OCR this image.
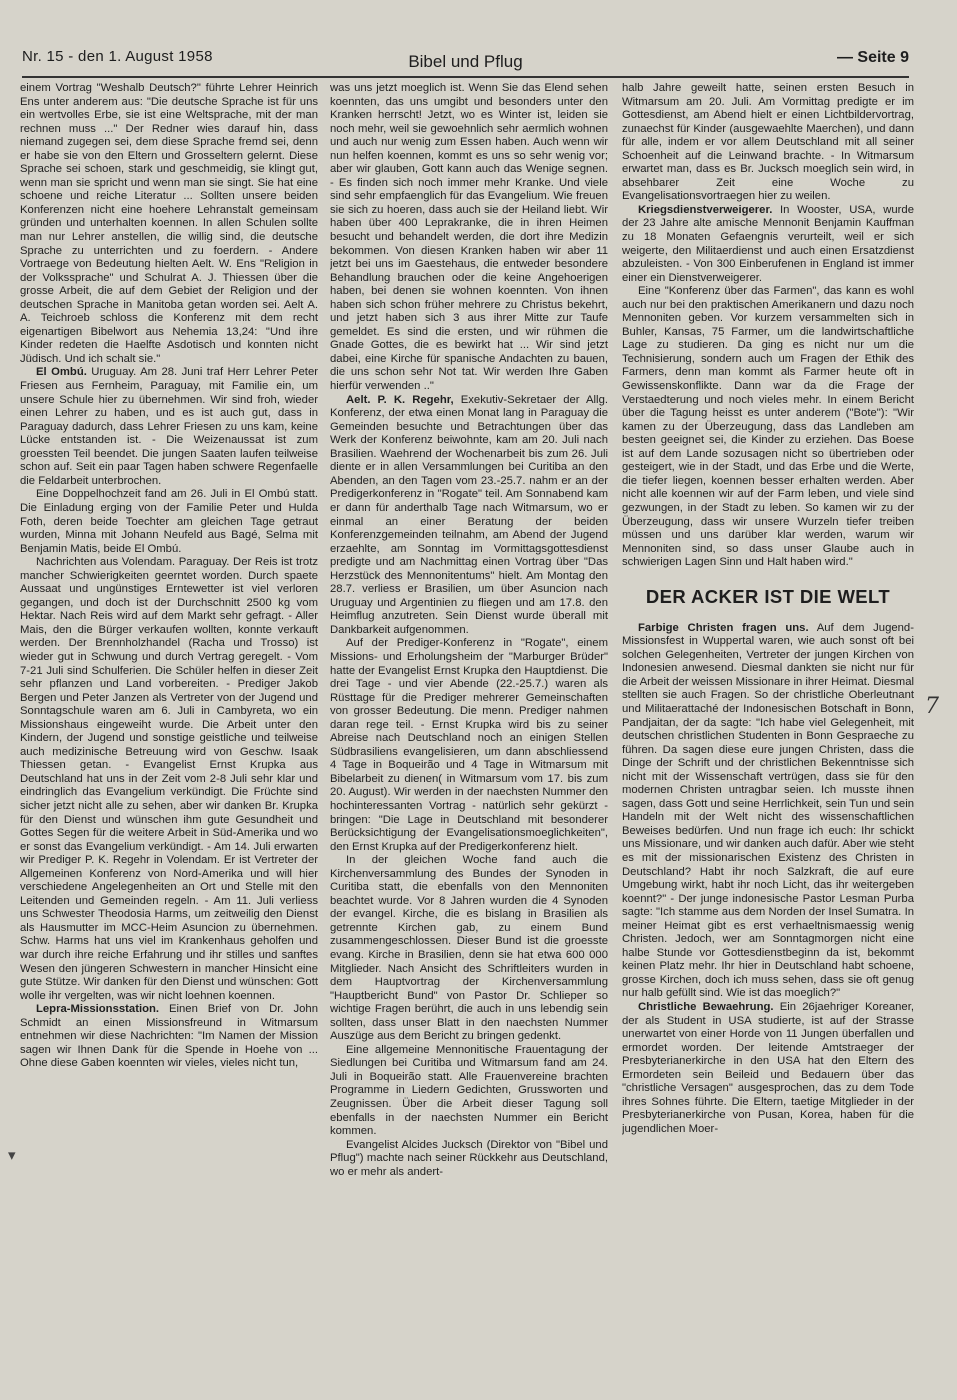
Nr. 15 - den 1. August 1958	Bibel und Pflug	— Seite 9

einem Vortrag "Weshalb Deutsch?" führte Lehrer Heinrich Ens unter anderem aus: "Die deutsche Sprache ist für uns ein wertvolles Erbe, sie ist eine Weltsprache, mit der man rechnen muss ..." Der Redner wies darauf hin, dass niemand zugegen sei, dem diese Sprache fremd sei, denn er habe sie von den Eltern und Grosseltern gelernt. Diese Sprache sei schoen, stark und geschmeidig, sie klingt gut, wenn man sie spricht und wenn man sie singt. Sie hat eine schoene und reiche Literatur ... Sollten unsere beiden Konferenzen nicht eine hoehere Lehranstalt gemeinsam gründen und unterhalten koennen. In allen Schulen sollte man nur Lehrer anstellen, die willig sind, die deutsche Sprache zu unterrichten und zu foerdern. - Andere Vortraege von Bedeutung hielten Aelt. W. Ens "Religion in der Volkssprache" und Schulrat A. J. Thiessen über die grosse Arbeit, die auf dem Gebiet der Religion und der deutschen Sprache in Manitoba getan worden sei. Aelt A. A. Teichroeb schloss die Konferenz mit dem recht eigenartigen Bibelwort aus Nehemia 13,24: "Und ihre Kinder redeten die Haelfte Asdotisch und konnten nicht Jüdisch. Und ich schalt sie."

El Ombú. Uruguay. Am 28. Juni traf Herr Lehrer Peter Friesen aus Fernheim, Paraguay, mit Familie ein, um unsere Schule hier zu übernehmen. Wir sind froh, wieder einen Lehrer zu haben, und es ist auch gut, dass in Paraguay dadurch, dass Lehrer Friesen zu uns kam, keine Lücke entstanden ist. - Die Weizenaussat ist zum groessten Teil beendet. Die jungen Saaten laufen teilweise schon auf. Seit ein paar Tagen haben schwere Regenfaelle die Feldarbeit unterbrochen.

Eine Doppelhochzeit fand am 26. Juli in El Ombú statt. Die Einladung erging von der Familie Peter und Hulda Foth, deren beide Toechter am gleichen Tage getraut wurden, Minna mit Johann Neufeld aus Bagé, Selma mit Benjamin Matis, beide El Ombú.

Nachrichten aus Volendam. Paraguay. Der Reis ist trotz mancher Schwierigkeiten geerntet worden. Durch spaete Aussaat und ungünstiges Erntewetter ist viel verloren gegangen, und doch ist der Durchschnitt 2500 kg vom Hektar. Nach Reis wird auf dem Markt sehr gefragt. - Aller Mais, den die Bürger verkaufen wollten, konnte verkauft werden. Der Brennholzhandel (Racha und Trosso) ist wieder gut in Schwung und durch Vertrag geregelt. - Vom 7-21 Juli sind Schulferien. Die Schüler helfen in dieser Zeit sehr pflanzen und Land vorbereiten. - Prediger Jakob Bergen und Peter Janzen als Vertreter von der Jugend und Sonntagschule waren am 6. Juli in Cambyreta, wo ein Missionshaus eingeweiht wurde. Die Arbeit unter den Kindern, der Jugend und sonstige geistliche und teilweise auch medizinische Betreuung wird von Geschw. Isaak Thiessen getan. - Evangelist Ernst Krupka aus Deutschland hat uns in der Zeit vom 2-8 Juli sehr klar und eindringlich das Evangelium verkündigt. Die Früchte sind sicher jetzt nicht alle zu sehen, aber wir danken Br. Krupka für den Dienst und wünschen ihm gute Gesundheit und Gottes Segen für die weitere Arbeit in Süd-Amerika und wo er sonst das Evangelium verkündigt. - Am 14. Juli erwarten wir Prediger P. K. Regehr in Volendam. Er ist Vertreter der Allgemeinen Konferenz von Nord-Amerika und will hier verschiedene Angelegenheiten an Ort und Stelle mit den Leitenden und Gemeinden regeln. - Am 11. Juli verliess uns Schwester Theodosia Harms, um zeitweilig den Dienst als Hausmutter im MCC-Heim Asuncion zu übernehmen. Schw. Harms hat uns viel im Krankenhaus geholfen und war durch ihre reiche Erfahrung und ihr stilles und sanftes Wesen den jüngeren Schwestern in mancher Hinsicht eine gute Stütze. Wir danken für den Dienst und wünschen: Gott wolle ihr vergelten, was wir nicht loehnen koennen.

Lepra-Missionsstation. Einen Brief von Dr. John Schmidt an einen Missionsfreund in Witmarsum entnehmen wir diese Nachrichten: "Im Namen der Mission sagen wir Ihnen Dank für die Spende in Hoehe von ... Ohne diese Gaben koennten wir vieles, vieles nicht tun,

was uns jetzt moeglich ist. Wenn Sie das Elend sehen koennten, das uns umgibt und besonders unter den Kranken herrscht! Jetzt, wo es Winter ist, leiden sie noch mehr, weil sie gewoehnlich sehr aermlich wohnen und auch nur wenig zum Essen haben. Auch wenn wir nun helfen koennen, kommt es uns so sehr wenig vor; aber wir glauben, Gott kann auch das Wenige segnen. - Es finden sich noch immer mehr Kranke. Und viele sind sehr empfaenglich für das Evangelium. Wie freuen sie sich zu hoeren, dass auch sie der Heiland liebt. Wir haben über 400 Leprakranke, die in ihren Heimen besucht und behandelt werden, die dort ihre Medizin bekommen. Von diesen Kranken haben wir aber 11 jetzt bei uns im Gaestehaus, die entweder besondere Behandlung brauchen oder die keine Angehoerigen haben, bei denen sie wohnen koennten. Von ihnen haben sich schon früher mehrere zu Christus bekehrt, und jetzt haben sich 3 aus ihrer Mitte zur Taufe gemeldet. Es sind die ersten, und wir rühmen die Gnade Gottes, die es bewirkt hat ... Wir sind jetzt dabei, eine Kirche für spanische Andachten zu bauen, die uns schon sehr Not tat. Wir werden Ihre Gaben hierfür verwenden .."

Aelt. P. K. Regehr, Exekutiv-Sekretaer der Allg. Konferenz, der etwa einen Monat lang in Paraguay die Gemeinden besuchte und Betrachtungen über das Werk der Konferenz beiwohnte, kam am 20. Juli nach Brasilien. Waehrend der Wochenarbeit bis zum 26. Juli diente er in allen Versammlungen bei Curitiba an den Abenden, an den Tagen vom 23.-25.7. nahm er an der Predigerkonferenz in "Rogate" teil. Am Sonnabend kam er dann für anderthalb Tage nach Witmarsum, wo er einmal an einer Beratung der beiden Konferenzgemeinden teilnahm, am Abend der Jugend erzaehlte, am Sonntag im Vormittagsgottesdienst predigte und am Nachmittag einen Vortrag über "Das Herzstück des Mennonitentums" hielt. Am Montag den 28.7. verliess er Brasilien, um über Asuncion nach Uruguay und Argentinien zu fliegen und am 17.8. den Heimflug anzutreten. Sein Dienst wurde überall mit Dankbarkeit aufgenommen.

Auf der Prediger-Konferenz in "Rogate", einem Missions- und Erholungsheim der "Marburger Brüder" hatte der Evangelist Ernst Krupka den Hauptdienst. Die drei Tage - und vier Abende (22.-25.7.) waren als Rüsttage für die Prediger mehrerer Gemeinschaften von grosser Bedeutung. Die menn. Prediger nahmen daran rege teil. - Ernst Krupka wird bis zu seiner Abreise nach Deutschland noch an einigen Stellen Südbrasiliens evangelisieren, um dann abschliessend 4 Tage in Boqueirão und 4 Tage in Witmarsum mit Bibelarbeit zu dienen( in Witmarsum vom 17. bis zum 20. August). Wir werden in der naechsten Nummer den hochinteressanten Vortrag - natürlich sehr gekürzt - bringen: "Die Lage in Deutschland mit besonderer Berücksichtigung der Evangelisationsmoeglichkeiten", den Ernst Krupka auf der Predigerkonferenz hielt.

In der gleichen Woche fand auch die Kirchenversammlung des Bundes der Synoden in Curitiba statt, die ebenfalls von den Mennoniten beachtet wurde. Vor 8 Jahren wurden die 4 Synoden der evangel. Kirche, die es bislang in Brasilien als getrennte Kirchen gab, zu einem Bund zusammengeschlossen. Dieser Bund ist die groesste evang. Kirche in Brasilien, denn sie hat etwa 600 000 Mitglieder. Nach Ansicht des Schriftleiters wurden in dem Hauptvortrag der Kirchenversammlung "Hauptbericht Bund" von Pastor Dr. Schlieper so wichtige Fragen berührt, die auch in uns lebendig sein sollten, dass unser Blatt in den naechsten Nummer Auszüge aus dem Bericht zu bringen gedenkt.

Eine allgemeine Mennonitische Frauentagung der Siedlungen bei Curitiba und Witmarsum fand am 24. Juli in Boqueirão statt. Alle Frauenvereine brachten Programme in Liedern Gedichten, Grusswortеn und Zeugnissen. Über die Arbeit dieser Tagung soll ebenfalls in der naechsten Nummer ein Bericht kommen.

Evangelist Alcides Jucksch (Direktor von "Bibel und Pflug") machte nach seiner Rückkehr aus Deutschland, wo er mehr als andert-

halb Jahre geweilt hatte, seinen ersten Besuch in Witmarsum am 20. Juli. Am Vormittag predigte er im Gottesdienst, am Abend hielt er einen Lichtbildervortrag, zunaechst für Kinder (ausgewaehlte Maerchen), und dann für alle, indem er vor allem Deutschland mit all seiner Schoenheit auf die Leinwand brachte. - In Witmarsum erwartet man, dass es Br. Jucksch moeglich sein wird, in absehbarer Zeit eine Woche zu Evangelisationsvortraegen hier zu weilen.

Kriegsdienstverweigerer. In Wooster, USA, wurde der 23 Jahre alte amische Mennonit Benjamin Kauffman zu 18 Monaten Gefaengnis verurteilt, weil er sich weigerte, den Militaerdienst und auch einen Ersatzdienst abzuleisten. - Von 300 Einberufenen in England ist immer einer ein Dienstverweigerer.

Eine "Konferenz über das Farmen", das kann es wohl auch nur bei den praktischen Amerikanern und dazu noch Mennoniten geben. Vor kurzem versammelten sich in Buhler, Kansas, 75 Farmer, um die landwirtschaftliche Lage zu studieren. Da ging es nicht nur um die Technisierung, sondern auch um Fragen der Ethik des Farmers, denn man kommt als Farmer heute oft in Gewissenskonflikte. Dann war da die Frage der Verstaedterung und noch vieles mehr. In einem Bericht über die Tagung heisst es unter anderem ("Bote"): "Wir kamen zu der Überzeugung, dass das Landleben am besten geeignet sei, die Kinder zu erziehen. Das Boese ist auf dem Lande sozusagen nicht so übertrieben oder gesteigert, wie in der Stadt, und das Erbe und die Werte, die tiefer liegen, koennen besser erhalten werden. Aber nicht alle koennen wir auf der Farm leben, und viele sind gezwungen, in der Stadt zu leben. So kamen wir zu der Überzeugung, dass wir unsere Wurzeln tiefer treiben müssen und uns darüber klar werden, warum wir Mennoniten sind, so dass unser Glaube auch in schwierigen Lagen Sinn und Halt haben wird."

DER ACKER IST DIE WELT

Farbige Christen fragen uns. Auf dem Jugend-Missionsfest in Wuppertal waren, wie auch sonst oft bei solchen Gelegenheiten, Vertreter der jungen Kirchen von Indonesien anwesend. Diesmal dankten sie nicht nur für die Arbeit der weissen Missionare in ihrer Heimat. Diesmal stellten sie auch Fragen. So der christliche Oberleutnant und Militaerattaché der Indonesischen Botschaft in Bonn, Pandjaitan, der da sagte: "Ich habe viel Gelegenheit, mit deutschen christlichen Studenten in Bonn Gespraeche zu führen. Da sagen diese eure jungen Christen, dass die Dinge der Schrift und der christlichen Bekenntnisse sich nicht mit der Wissenschaft vertrügen, dass sie für den modernen Christen untragbar seien. Ich musste ihnen sagen, dass Gott und seine Herrlichkeit, sein Tun und sein Handeln mit der Welt nicht des wissenschaftlichen Beweises bedürfen. Und nun frage ich euch: Ihr schickt uns Missionare, und wir danken auch dafür. Aber wie steht es mit der missionarischen Existenz des Christen in Deutschland? Habt ihr noch Salzkraft, die auf eure Umgebung wirkt, habt ihr noch Licht, das ihr weitergeben koennt?" - Der junge indonesische Pastor Lesman Purba sagte: "Ich stamme aus dem Norden der Insel Sumatra. In meiner Heimat gibt es erst verhaeltnismaessig wenig Christen. Jedoch, wer am Sonntagmorgen nicht eine halbe Stunde vor Gottesdienstbeginn da ist, bekommt keinen Platz mehr. Ihr hier in Deutschland habt schoene, grosse Kirchen, doch ich muss sehen, dass sie oft genug nur halb gefüllt sind. Wie ist das moeglich?"

Christliche Bewaehrung. Ein 26jaehriger Koreaner, der als Student in USA studierte, ist auf der Strasse unerwartet von einer Horde von 11 Jungen überfallen und ermordet worden. Der leitende Amtstraeger der Presbyterianerkirche in den USA hat den Eltern des Ermordeten sein Beileid und Bedauern über das "christliche Versagen" ausgesprochen, das zu dem Tode ihres Sohnes führte. Die Eltern, taetige Mitglieder in der Presbyterianerkirche von Pusan, Korea, haben für die jugendlichen Moer-

7
▾
